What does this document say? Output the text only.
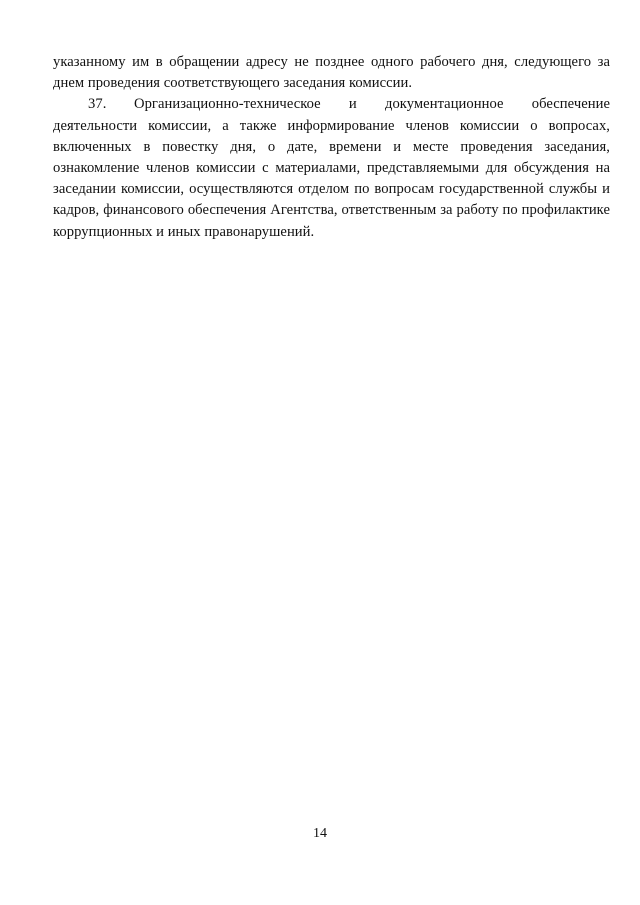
указанному им в обращении адресу не позднее одного рабочего дня, следующего за днем проведения соответствующего заседания комиссии.

37. Организационно-техническое и документационное обеспечение деятельности комиссии, а также информирование членов комиссии о вопросах, включенных в повестку дня, о дате, времени и месте проведения заседания, ознакомление членов комиссии с материалами, представляемыми для обсуждения на заседании комиссии, осуществляются отделом по вопросам государственной службы и кадров, финансового обеспечения Агентства, ответственным за работу по профилактике коррупционных и иных правонарушений.

14
